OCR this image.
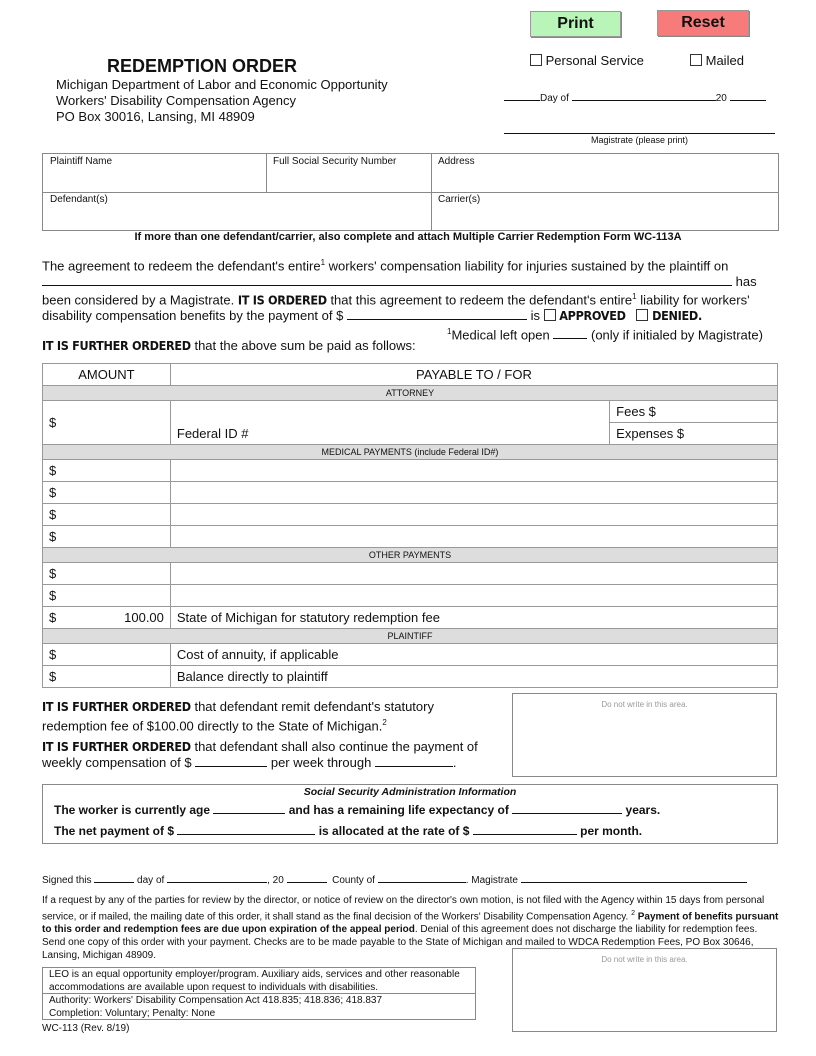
Print	Reset
REDEMPTION ORDER
Michigan Department of Labor and Economic Opportunity
Workers' Disability Compensation Agency
PO Box 30016, Lansing, MI 48909
Personal Service	Mailed
Day of	20
Magistrate (please print)
Plaintiff Name	Full Social Security Number	Address
Defendant(s)	Carrier(s)
If more than one defendant/carrier, also complete and attach Multiple Carrier Redemption Form WC-113A
The agreement to redeem the defendant's entire$^1$ workers' compensation liability for injuries sustained by the plaintiff on
has
been considered by a Magistrate. IT IS ORDERED that this agreement to redeem the defendant's entire$^1$ liability for workers'
disability compensation benefits by the payment of $	is APPROVED DENIED.
$^1$Medical left open	(only if initialed by Magistrate)
IT IS FURTHER ORDERED that the above sum be paid as follows:
AMOUNT	PAYABLE TO / FOR	
ATTORNEY		
$	Federal ID #	Fees $
		Expenses $
MEDICAL PAYMENTS (include Federal ID#)		
$		
$		
$		
$		
OTHER PAYMENTS		
$		
$		
$ 100.00	State of Michigan for statutory redemption fee	
PLAINTIFF		
$	Cost of annuity, if applicable	
$	Balance directly to plaintiff	
IT IS FURTHER ORDERED that defendant remit defendant's statutory
redemption fee of $100.00 directly to the State of Michigan.$^2$
IT IS FURTHER ORDERED that defendant shall also continue the payment of
weekly compensation of $	per week through	.
Do not write in this area.
Social Security Administration Information
The worker is currently age	and has a remaining life expectancy of	years.
The net payment of $	is allocated at the rate of $	per month.
Signed this	day of	, 20	County of	. Magistrate
If a request by any of the parties for review by the director, or notice of review on the director's own motion, is not filed with the Agency within 15 days from personal service, or if mailed, the mailing date of this order, it shall stand as the final decision of the Workers' Disability Compensation Agency. $^2$ Payment of benefits pursuant to this order and redemption fees are due upon expiration of the appeal period. Denial of this agreement does not discharge the liability for redemption fees. Send one copy of this order with your payment. Checks are to be made payable to the State of Michigan and mailed to WDCA Redemption Fees, PO Box 30646, Lansing, Michigan 48909.
LEO is an equal opportunity employer/program. Auxiliary aids, services and other reasonable accommodations are available upon request to individuals with disabilities.
Authority: Workers' Disability Compensation Act 418.835; 418.836; 418.837
Completion: Voluntary; Penalty: None
WC-113 (Rev. 8/19)
Do not write in this area.
